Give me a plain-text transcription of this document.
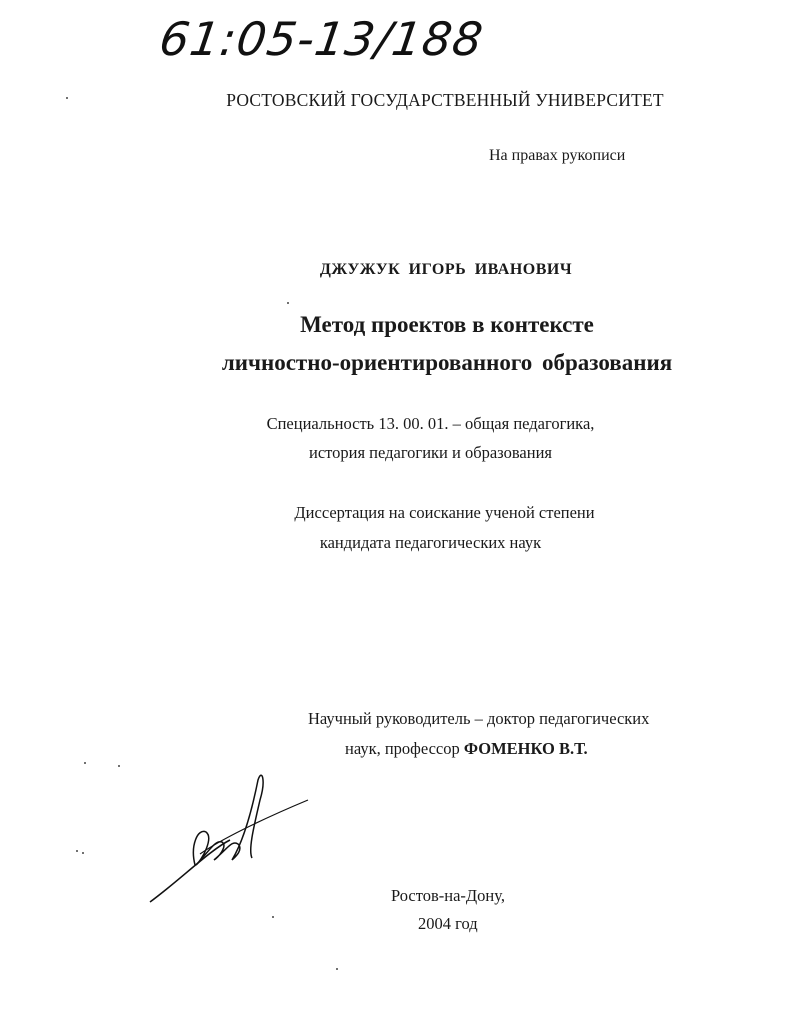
61:05-13/188
РОСТОВСКИЙ ГОСУДАРСТВЕННЫЙ УНИВЕРСИТЕТ
На правах рукописи
ДЖУЖУК ИГОРЬ ИВАНОВИЧ
Метод проектов в контексте
личностно-ориентированного образования
Специальность 13. 00. 01. – общая педагогика,
история педагогики и образования
Диссертация на соискание ученой степени
кандидата педагогических наук
Научный руководитель – доктор педагогических
наук, профессор ФОМЕНКО В.Т.
Ростов-на-Дону,
2004 год
